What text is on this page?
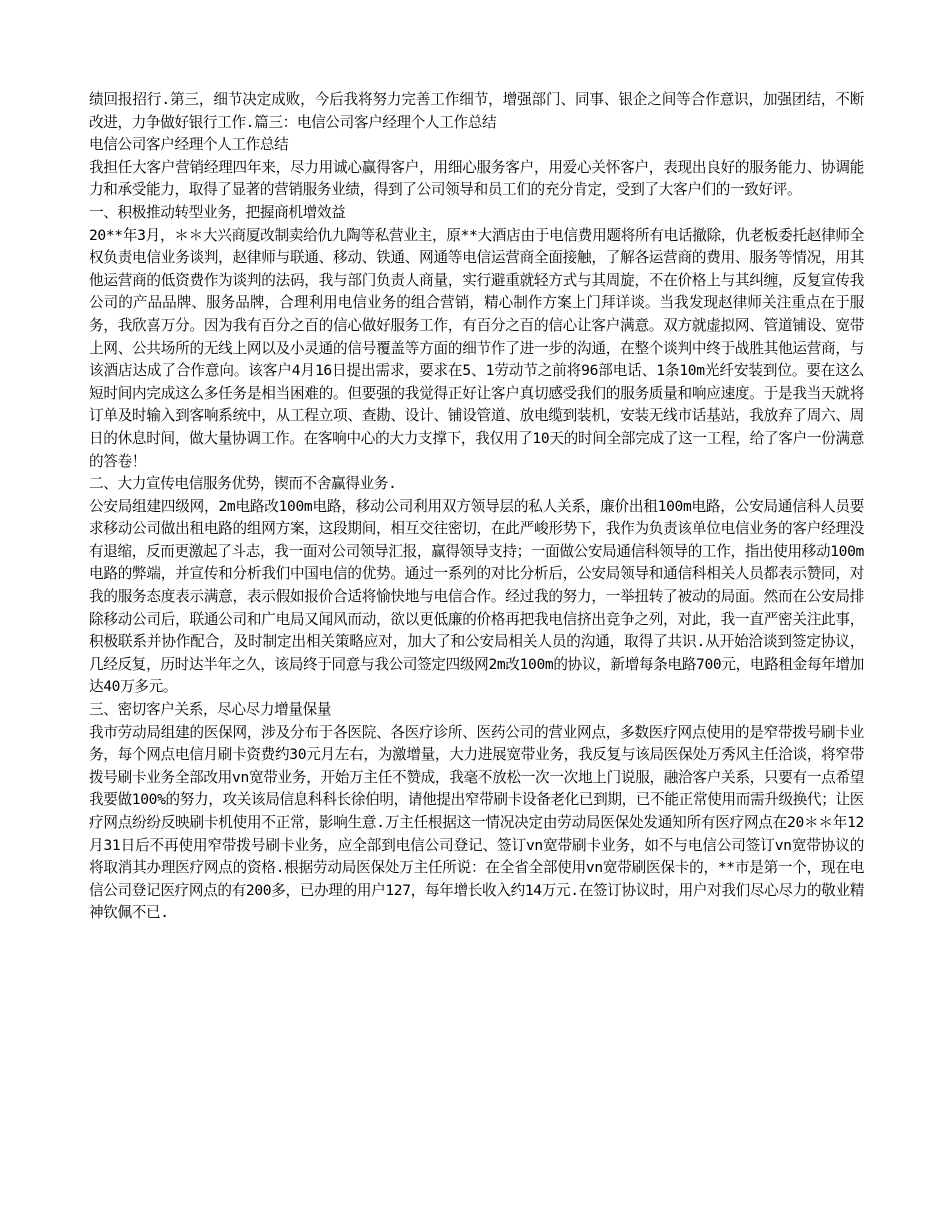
绩回报招行.第三，细节决定成败，今后我将努力完善工作细节，增强部门、同事、银企之间等合作意识，加强团结，不断改进，力争做好银行工作.篇三：电信公司客户经理个人工作总结

电信公司客户经理个人工作总结

我担任大客户营销经理四年来，尽力用诚心赢得客户，用细心服务客户，用爱心关怀客户，表现出良好的服务能力、协调能力和承受能力，取得了显著的营销服务业绩，得到了公司领导和员工们的充分肯定，受到了大客户们的一致好评。

一、积极推动转型业务，把握商机增效益

20**年3月，＊＊大兴商厦改制卖给仇九陶等私营业主，原**大酒店由于电信费用题将所有电话撤除，仇老板委托赵律师全权负责电信业务谈判，赵律师与联通、移动、铁通、网通等电信运营商全面接触，了解各运营商的费用、服务等情况，用其他运营商的低资费作为谈判的法码，我与部门负责人商量，实行避重就轻方式与其周旋，不在价格上与其纠缠，反复宣传我公司的产品品牌、服务品牌，合理利用电信业务的组合营销，精心制作方案上门拜详谈。当我发现赵律师关注重点在于服务，我欣喜万分。因为我有百分之百的信心做好服务工作，有百分之百的信心让客户满意。双方就虚拟网、管道铺设、宽带上网、公共场所的无线上网以及小灵通的信号覆盖等方面的细节作了进一步的沟通，在整个谈判中终于战胜其他运营商，与该酒店达成了合作意向。该客户4月16日提出需求，要求在5、1劳动节之前将96部电话、1条10m光纤安装到位。要在这么短时间内完成这么多任务是相当困难的。但要强的我觉得正好让客户真切感受我们的服务质量和响应速度。于是我当天就将订单及时输入到客响系统中，从工程立项、查勘、设计、铺设管道、放电缆到装机，安装无线市话基站，我放弃了周六、周日的休息时间，做大量协调工作。在客响中心的大力支撑下，我仅用了10天的时间全部完成了这一工程，给了客户一份满意的答卷！

二、大力宣传电信服务优势，锲而不舍赢得业务.

公安局组建四级网，2m电路改100m电路，移动公司利用双方领导层的私人关系，廉价出租100m电路，公安局通信科人员要求移动公司做出租电路的组网方案，这段期间，相互交往密切，在此严峻形势下，我作为负责该单位电信业务的客户经理没有退缩，反而更激起了斗志，我一面对公司领导汇报，赢得领导支持；一面做公安局通信科领导的工作，指出使用移动100m电路的弊端，并宣传和分析我们中国电信的优势。通过一系列的对比分析后，公安局领导和通信科相关人员都表示赞同，对我的服务态度表示满意，表示假如报价合适将愉快地与电信合作。经过我的努力，一举扭转了被动的局面。然而在公安局排除移动公司后，联通公司和广电局又闻风而动，欲以更低廉的价格再把我电信挤出竞争之列，对此，我一直严密关注此事，积极联系并协作配合，及时制定出相关策略应对，加大了和公安局相关人员的沟通，取得了共识.从开始洽谈到签定协议，几经反复，历时达半年之久，该局终于同意与我公司签定四级网2m改100m的协议，新增每条电路700元，电路租金每年增加达40万多元。

三、密切客户关系，尽心尽力增量保量

我市劳动局组建的医保网，涉及分布于各医院、各医疗诊所、医药公司的营业网点，多数医疗网点使用的是窄带拨号刷卡业务，每个网点电信月刷卡资费约30元月左右，为激增量，大力进展宽带业务，我反复与该局医保处万秀风主任洽谈，将窄带拨号刷卡业务全部改用vn宽带业务，开始万主任不赞成，我毫不放松一次一次地上门说服，融洽客户关系，只要有一点希望我要做100%的努力，攻关该局信息科科长徐伯明，请他提出窄带刷卡设备老化已到期，已不能正常使用而需升级换代；让医疗网点纷纷反映刷卡机使用不正常，影响生意.万主任根据这一情况决定由劳动局医保处发通知所有医疗网点在20＊＊年12月31日后不再使用窄带拨号刷卡业务，应全部到电信公司登记、签订vn宽带刷卡业务，如不与电信公司签订vn宽带协议的将取消其办理医疗网点的资格.根据劳动局医保处万主任所说：在全省全部使用vn宽带刷医保卡的，**市是第一个，现在电信公司登记医疗网点的有200多，已办理的用户127，每年增长收入约14万元.在签订协议时，用户对我们尽心尽力的敬业精神钦佩不已.
